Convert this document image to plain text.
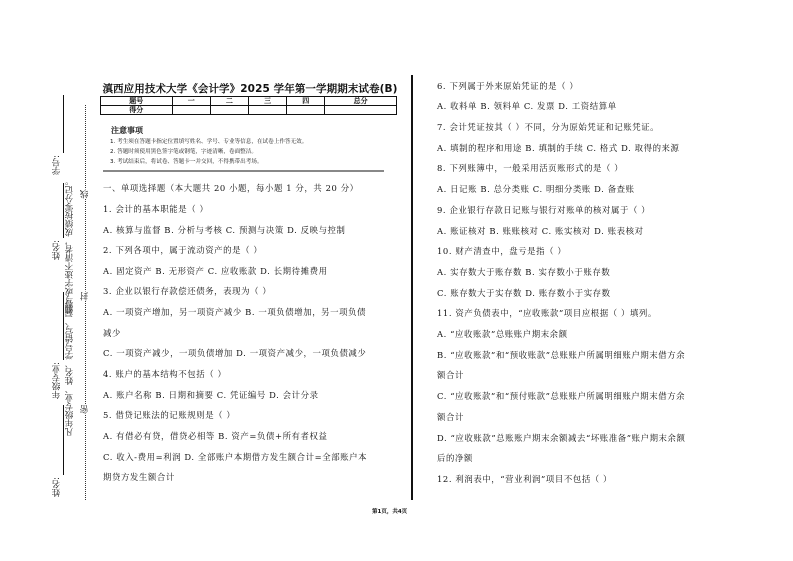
学号:
姓名:
年级专业:
姓名:
漏写或字迹不清者，成绩按零分记。
凡年级专业、姓名、学号错写、漏写
线
封
密
滇西应用技术大学《会计学》2025 学年第一学期期末试卷(B)
题号	一	二	三	四	总分
得分					
注意事项
1. 考生须在答题卡指定位置填写姓名、学号、专业等信息，在试卷上作答无效。
2. 答题时须使用黑色签字笔或钢笔，字迹清晰，卷面整洁。
3. 考试结束后，将试卷、答题卡一并交回，不得携带出考场。
一、单项选择题（本大题共 20 小题，每小题 1 分，共 20 分）
1. 会计的基本职能是（ ）
A. 核算与监督 B. 分析与考核 C. 预测与决策 D. 反映与控制
2. 下列各项中，属于流动资产的是（ ）
A. 固定资产 B. 无形资产 C. 应收账款 D. 长期待摊费用
3. 企业以银行存款偿还债务，表现为（ ）
A. 一项资产增加，另一项资产减少 B. 一项负债增加，另一项负债
减少
C. 一项资产减少，一项负债增加 D. 一项资产减少，一项负债减少
4. 账户的基本结构不包括（ ）
A. 账户名称 B. 日期和摘要 C. 凭证编号 D. 会计分录
5. 借贷记账法的记账规则是（ ）
A. 有借必有贷，借贷必相等 B. 资产=负债+所有者权益
C. 收入-费用=利润 D. 全部账户本期借方发生额合计=全部账户本
期贷方发生额合计
6. 下列属于外来原始凭证的是（ ）
A. 收料单 B. 领料单 C. 发票 D. 工资结算单
7. 会计凭证按其（ ）不同，分为原始凭证和记账凭证。
A. 填制的程序和用途 B. 填制的手续 C. 格式 D. 取得的来源
8. 下列账簿中，一般采用活页账形式的是（ ）
A. 日记账 B. 总分类账 C. 明细分类账 D. 备查账
9. 企业银行存款日记账与银行对账单的核对属于（ ）
A. 账证核对 B. 账账核对 C. 账实核对 D. 账表核对
10. 财产清查中，盘亏是指（ ）
A. 实存数大于账存数 B. 实存数小于账存数
C. 账存数大于实存数 D. 账存数小于实存数
11. 资产负债表中，“应收账款”项目应根据（ ）填列。
A. “应收账款”总账账户期末余额
B. “应收账款”和“预收账款”总账账户所属明细账户期末借方余
额合计
C. “应收账款”和“预付账款”总账账户所属明细账户期末借方余
额合计
D. “应收账款”总账账户期末余额减去“坏账准备”账户期末余额
后的净额
12. 利润表中，“营业利润”项目不包括（ ）
第1页，共4页
